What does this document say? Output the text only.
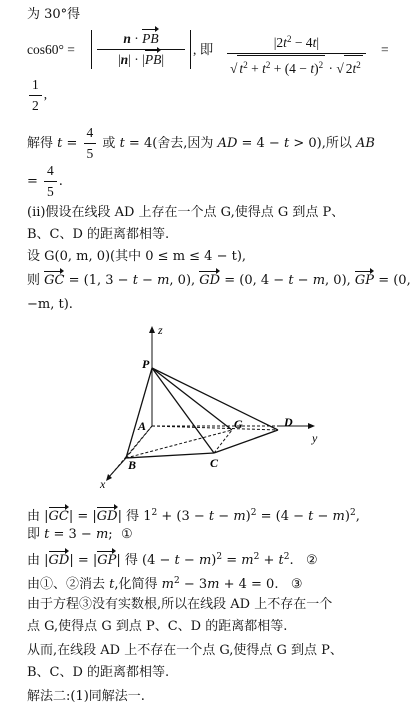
为 30°得
$\cos 60^\circ = \frac{n \cdot PB}{|n| \cdot |PB|}$ , 即 $\frac{|2t^2 - 4t|}{√ t^2 + t^2 + (4 - t)^2 \cdot √ 2t^2}$ =
$\frac{1}{2}$ ,
解得 $t = \frac{4}{5}$ 或 t = 4(舍去,因为 AD = 4 − t > 0),所以 AB
= $\frac{4}{5}$ .
(ⅱ)假设在线段 AD 上存在一个点 G,使得点 G 到点 P、
B、C、D 的距离都相等.
设 G(0, m, 0)(其中 0 ≤ m ≤ 4 − t),
则 GC = (1, 3 − t − m, 0), GD = (0, 4 − t − m, 0), GP = (0,
−m, t).
z
P
G	D
y
A
B	C
x
由 |GC| = |GD| 得 $1^2 + (3 - t - m)^2 = (4 - t - m)^2$,
即 t = 3 − m;  ①
由 |GD| = |GP| 得 $(4 - t - m)^2 = m^2 + t^2$.   ②
由①、②消去 t,化简得 $m^2 - 3m + 4 = 0$.   ③
由于方程③没有实数根,所以在线段 AD 上不存在一个
点 G,使得点 G 到点 P、C、D 的距离都相等.
从而,在线段 AD 上不存在一个点 G,使得点 G 到点 P、
B、C、D 的距离都相等.
解法二:(1)同解法一.
